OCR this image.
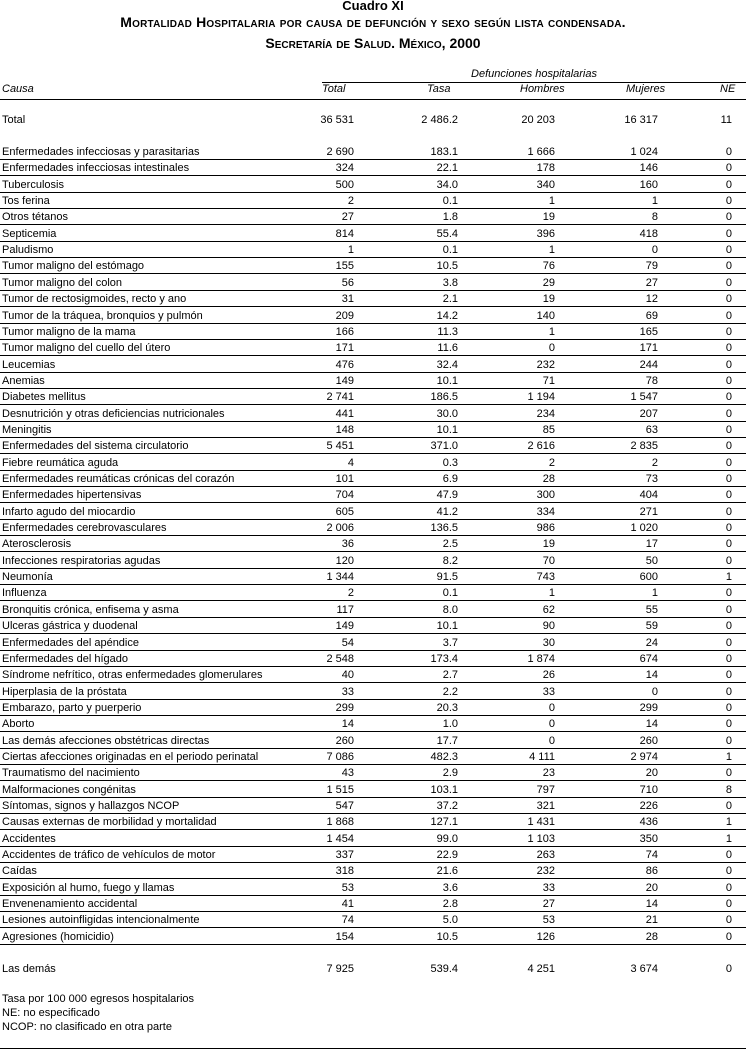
Cuadro XI
Mortalidad Hospitalaria por causa de defunción y sexo según lista condensada.
Secretaría de Salud. México, 2000
Defunciones hospitalarias
Causa	Total	Tasa	Hombres	Mujeres	NE
Total	36 531	2 486.2	20 203	16 317	11
Enfermedades infecciosas y parasitarias	2 690	183.1	1 666	1 024	0
Enfermedades infecciosas intestinales	324	22.1	178	146	0
Tuberculosis	500	34.0	340	160	0
Tos ferina	2	0.1	1	1	0
Otros tétanos	27	1.8	19	8	0
Septicemia	814	55.4	396	418	0
Paludismo	1	0.1	1	0	0
Tumor maligno del estómago	155	10.5	76	79	0
Tumor maligno del colon	56	3.8	29	27	0
Tumor de rectosigmoides, recto y ano	31	2.1	19	12	0
Tumor de la tráquea, bronquios y pulmón	209	14.2	140	69	0
Tumor maligno de la mama	166	11.3	1	165	0
Tumor maligno del cuello del útero	171	11.6	0	171	0
Leucemias	476	32.4	232	244	0
Anemias	149	10.1	71	78	0
Diabetes mellitus	2 741	186.5	1 194	1 547	0
Desnutrición y otras deficiencias nutricionales	441	30.0	234	207	0
Meningitis	148	10.1	85	63	0
Enfermedades del sistema circulatorio	5 451	371.0	2 616	2 835	0
Fiebre reumática aguda	4	0.3	2	2	0
Enfermedades reumáticas crónicas del corazón	101	6.9	28	73	0
Enfermedades hipertensivas	704	47.9	300	404	0
Infarto agudo del miocardio	605	41.2	334	271	0
Enfermedades cerebrovasculares	2 006	136.5	986	1 020	0
Aterosclerosis	36	2.5	19	17	0
Infecciones respiratorias agudas	120	8.2	70	50	0
Neumonía	1 344	91.5	743	600	1
Influenza	2	0.1	1	1	0
Bronquitis crónica, enfisema y asma	117	8.0	62	55	0
Ulceras gástrica y duodenal	149	10.1	90	59	0
Enfermedades del apéndice	54	3.7	30	24	0
Enfermedades del hígado	2 548	173.4	1 874	674	0
Síndrome nefrítico, otras enfermedades glomerulares	40	2.7	26	14	0
Hiperplasia de la próstata	33	2.2	33	0	0
Embarazo, parto y puerperio	299	20.3	0	299	0
Aborto	14	1.0	0	14	0
Las demás afecciones obstétricas directas	260	17.7	0	260	0
Ciertas afecciones originadas en el periodo perinatal	7 086	482.3	4 111	2 974	1
Traumatismo del nacimiento	43	2.9	23	20	0
Malformaciones congénitas	1 515	103.1	797	710	8
Síntomas, signos y hallazgos NCOP	547	37.2	321	226	0
Causas externas de morbilidad y mortalidad	1 868	127.1	1 431	436	1
Accidentes	1 454	99.0	1 103	350	1
Accidentes de tráfico de vehículos de motor	337	22.9	263	74	0
Caídas	318	21.6	232	86	0
Exposición al humo, fuego y llamas	53	3.6	33	20	0
Envenenamiento accidental	41	2.8	27	14	0
Lesiones autoinfligidas intencionalmente	74	5.0	53	21	0
Agresiones (homicidio)	154	10.5	126	28	0
Las demás	7 925	539.4	4 251	3 674	0
Tasa por 100 000 egresos hospitalarios
NE: no especificado
NCOP: no clasificado en otra parte
